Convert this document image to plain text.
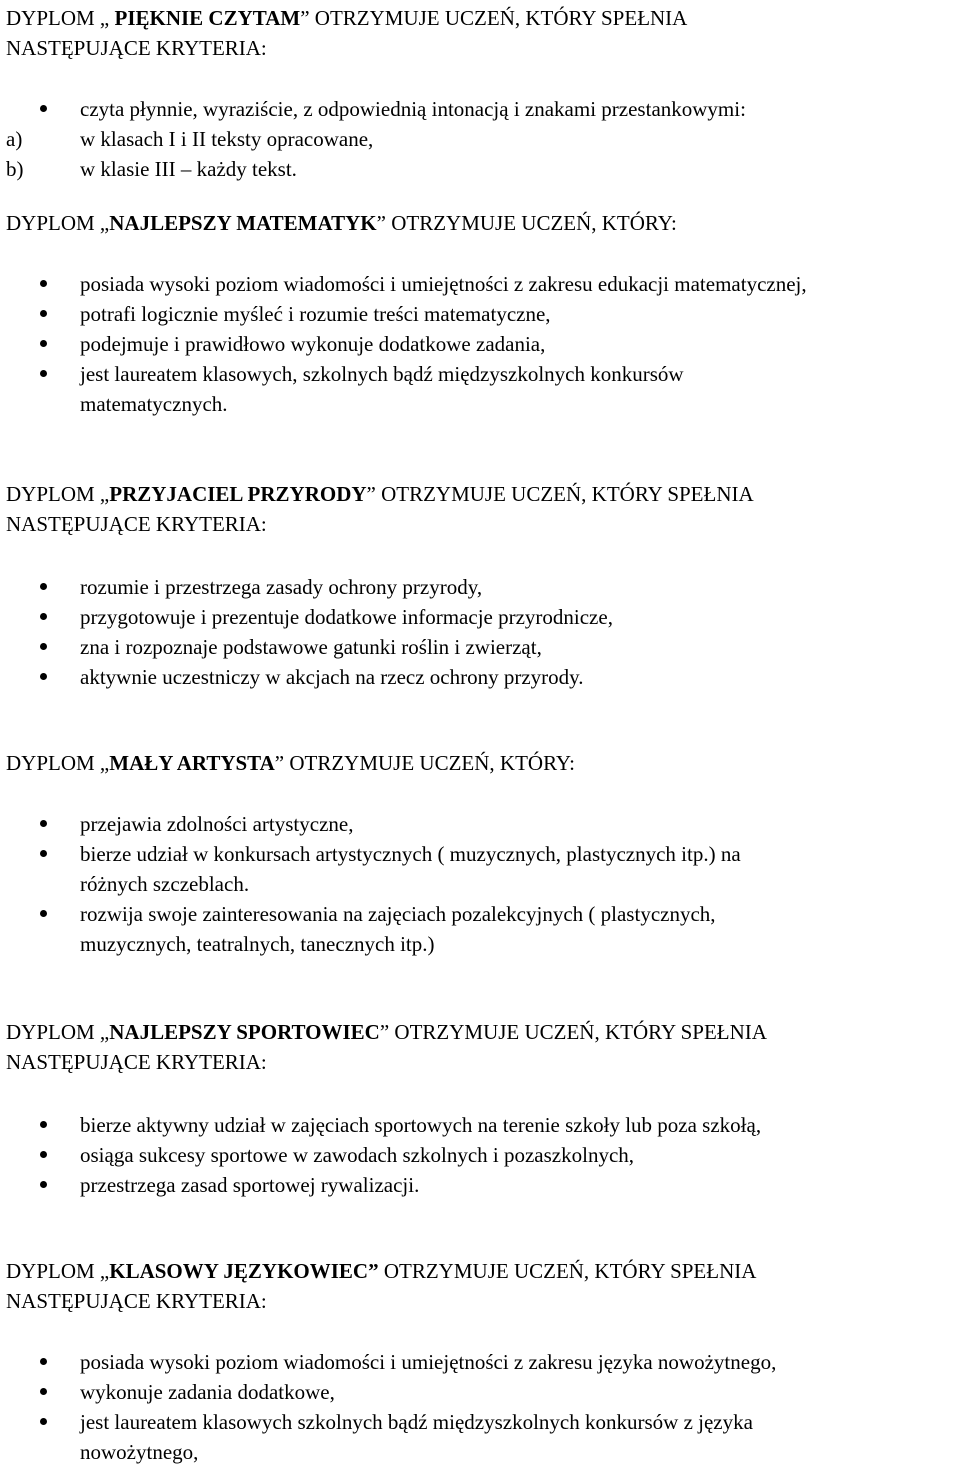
DYPLOM „ PIĘKNIE CZYTAM” OTRZYMUJE UCZEŃ, KTÓRY SPEŁNIA
NASTĘPUJĄCE KRYTERIA:
czyta płynnie, wyraziście, z odpowiednią intonacją i znakami przestankowymi:
a)	w klasach I i II teksty opracowane,
b)	w klasie III – każdy tekst.
DYPLOM „NAJLEPSZY MATEMATYK” OTRZYMUJE UCZEŃ, KTÓRY:
posiada wysoki poziom wiadomości i umiejętności z zakresu edukacji matematycznej,
potrafi logicznie myśleć i rozumie treści matematyczne,
podejmuje i prawidłowo wykonuje dodatkowe zadania,
jest laureatem klasowych, szkolnych bądź międzyszkolnych konkursów
matematycznych.
DYPLOM „PRZYJACIEL PRZYRODY” OTRZYMUJE UCZEŃ, KTÓRY SPEŁNIA
NASTĘPUJĄCE KRYTERIA:
rozumie i przestrzega zasady ochrony przyrody,
przygotowuje i prezentuje dodatkowe informacje przyrodnicze,
zna i rozpoznaje podstawowe gatunki roślin i zwierząt,
aktywnie uczestniczy w akcjach na rzecz ochrony przyrody.
DYPLOM „MAŁY ARTYSTA” OTRZYMUJE UCZEŃ, KTÓRY:
przejawia zdolności artystyczne,
bierze udział w konkursach artystycznych ( muzycznych, plastycznych itp.) na
różnych szczeblach.
rozwija swoje zainteresowania na zajęciach pozalekcyjnych ( plastycznych,
muzycznych, teatralnych, tanecznych itp.)
DYPLOM „NAJLEPSZY SPORTOWIEC” OTRZYMUJE UCZEŃ, KTÓRY SPEŁNIA
NASTĘPUJĄCE KRYTERIA:
bierze aktywny udział w zajęciach sportowych na terenie szkoły lub poza szkołą,
osiąga sukcesy sportowe w zawodach szkolnych i pozaszkolnych,
przestrzega zasad sportowej rywalizacji.
DYPLOM „KLASOWY JĘZYKOWIEC” OTRZYMUJE UCZEŃ, KTÓRY SPEŁNIA
NASTĘPUJĄCE KRYTERIA:
posiada wysoki poziom wiadomości i umiejętności z zakresu języka nowożytnego,
wykonuje zadania dodatkowe,
jest laureatem klasowych szkolnych bądź międzyszkolnych konkursów z języka
nowożytnego,
